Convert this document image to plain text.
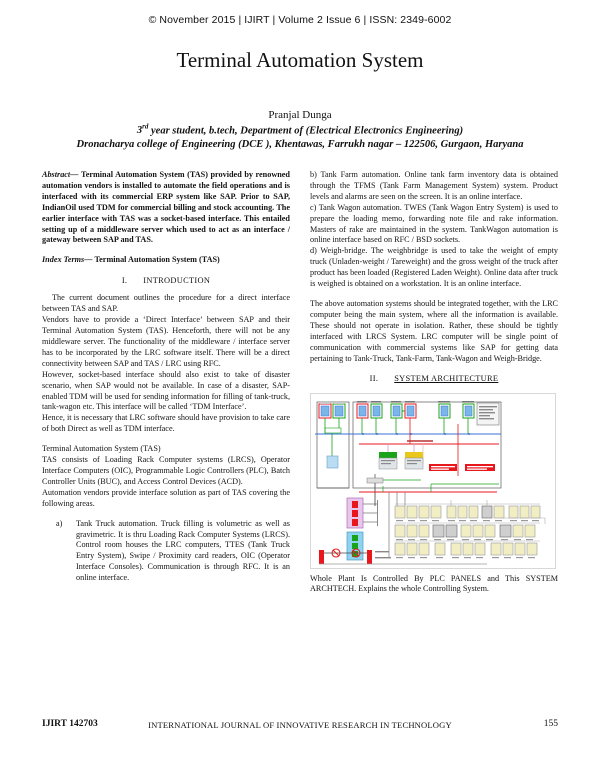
© November 2015 | IJIRT | Volume 2 Issue 6 | ISSN: 2349-6002
Terminal Automation System
Pranjal Dunga
3rd year student, b.tech, Department of (Electrical Electronics Engineering)
Dronacharya college of Engineering (DCE ), Khentawas, Farrukh nagar – 122506, Gurgaon, Haryana

Abstract— Terminal Automation System (TAS) provided by renowned automation vendors is installed to automate the field operations and is interfaced with its commercial ERP system like SAP. Prior to SAP, IndianOil used TDM for commercial billing and stock accounting. The earlier interface with TAS was a socket-based interface. This entailed setting up of a middleware server which used to act as an interface / gateway between SAP and TAS.

Index Terms— Terminal Automation System (TAS)

I. INTRODUCTION

The current document outlines the procedure for a direct interface between TAS and SAP.

Vendors have to provide a ‘Direct Interface’ between SAP and their Terminal Automation System (TAS). Henceforth, there will not be any middleware server. The functionality of the middleware / interface server has to be incorporated by the LRC software itself. There will be a direct connectivity between SAP and TAS / LRC using RFC.

However, socket-based interface should also exist to take of disaster scenario, when SAP would not be available. In case of a disaster, SAP-enabled TDM will be used for sending information for filling of tank-truck, tank-wagon etc. This interface will be called ‘TDM Interface’.

Hence, it is necessary that LRC software should have provision to take care of both Direct as well as TDM interface.

Terminal Automation System (TAS)

TAS consists of Loading Rack Computer systems (LRCS), Operator Interface Computers (OIC), Programmable Logic Controllers (PLC), Batch Controller Units (BUC), and Access Control Devices (ACD).

Automation vendors provide interface solution as part of TAS covering the following areas.

a)	Tank Truck automation. Truck filling is volumetric as well as gravimetric. It is thru Loading Rack Computer Systems (LRCS). Control room houses the LRC computers, TTES (Tank Truck Entry System), Swipe / Proximity card readers, OIC (Operator Interface Consoles). Communication is through RFC. It is an online interface.

b) Tank Farm automation. Online tank farm inventory data is obtained through the TFMS (Tank Farm Management System) system. Product levels and alarms are seen on the screen. It is an online interface.

c) Tank Wagon automation. TWES (Tank Wagon Entry System) is used to prepare the loading memo, forwarding note file and rake information. Masters of rake are maintained in the system. TankWagon automation is online interface based on RFC / BSD sockets.

d) Weigh-bridge. The weighbridge is used to take the weight of empty truck (Unladen-weight / Tareweight) and the gross weight of the truck after product has been loaded (Registered Laden Weight). Online data after truck is weighed is obtained on a workstation. It is an online interface.

The above automation systems should be integrated together, with the LRC computer being the main system, where all the information is available. These should not operate in isolation. Rather, these should be tightly interfaced with LRCS System. LRC computer will be single point of communication with commercial systems like SAP for getting data pertaining to Tank-Truck, Tank-Farm, Tank-Wagon and Weigh-Bridge.

II. SYSTEM ARCHITECTURE
Whole Plant Is Controlled By PLC PANELS and This SYSTEM ARCHTECH. Explains the whole Controlling System.
IJIRT 142703	INTERNATIONAL JOURNAL OF INNOVATIVE RESEARCH IN TECHNOLOGY	155
